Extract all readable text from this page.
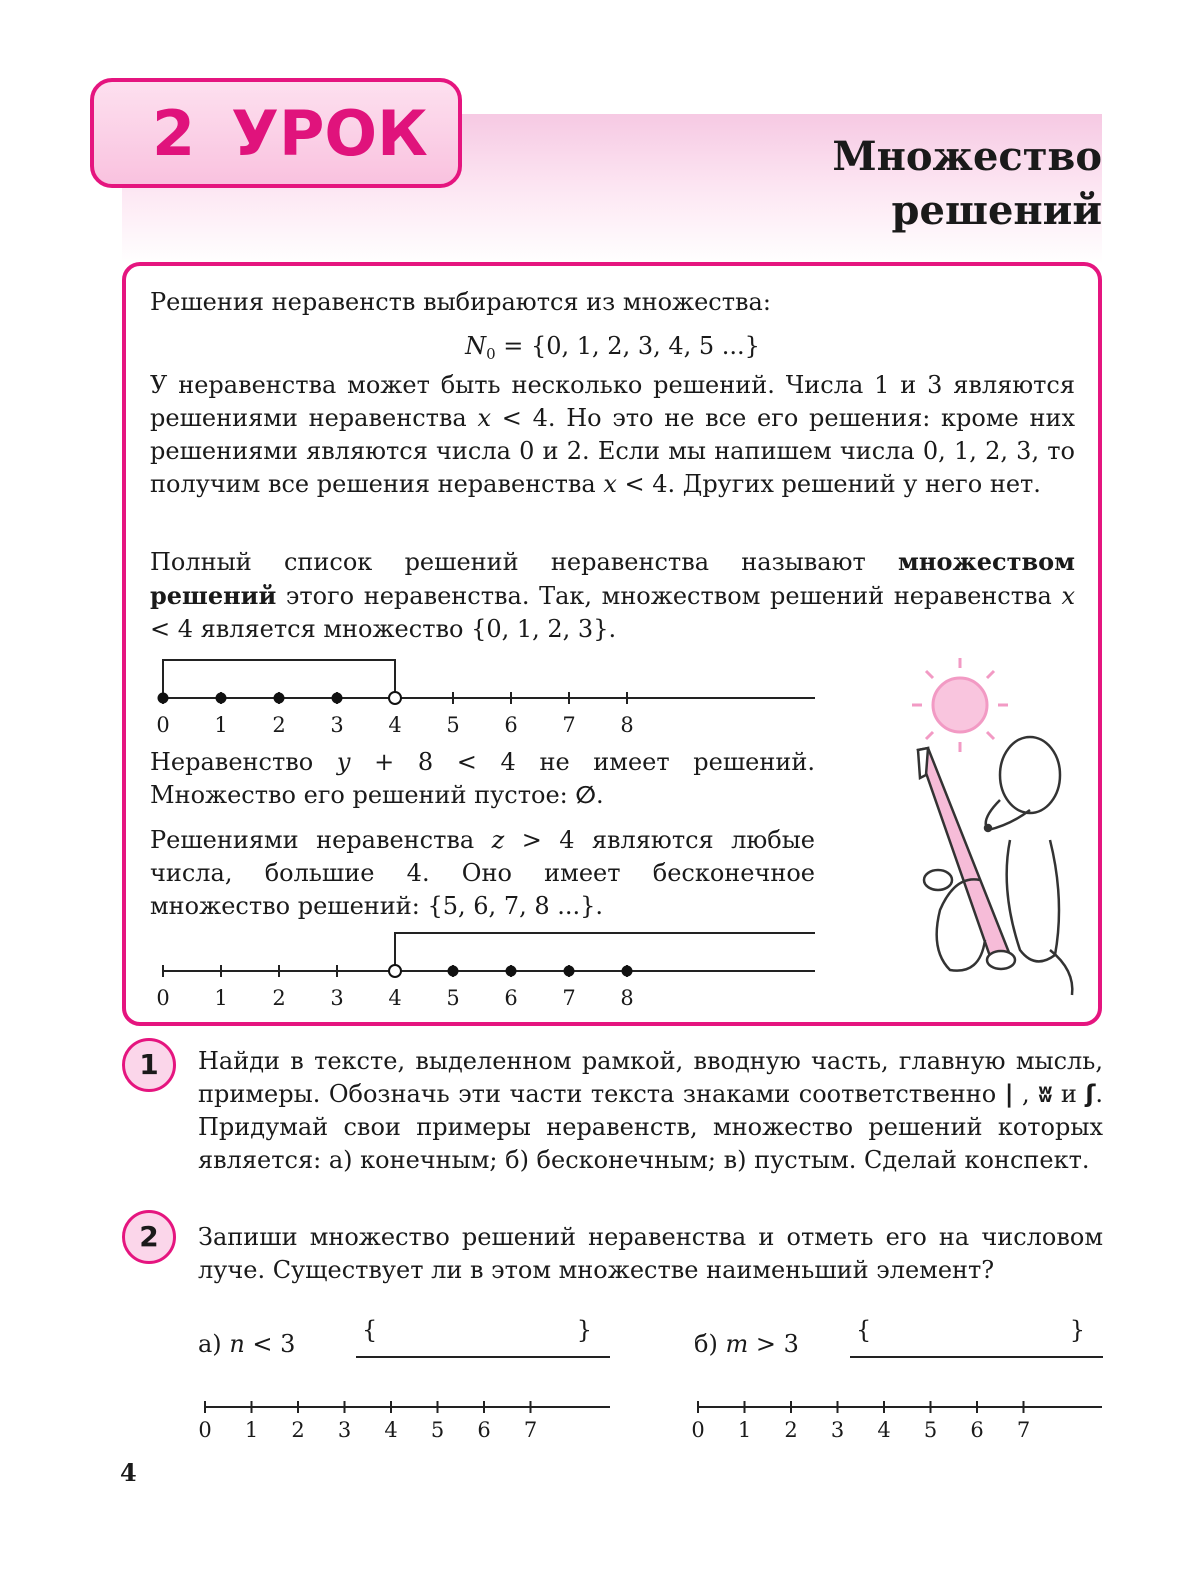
2 УРОК	Множество
решений

Решения неравенств выбираются из множества:

$N_0 = \{0$, 1, 2, 3, 4, 5 ...}

У неравенства может быть несколько решений. Числа 1 и 3 являются решениями неравенства x < 4. Но это не все его решения: кроме них решениями являются числа 0 и 2. Если мы напишем числа 0, 1, 2, 3, то получим все решения неравенства x < 4. Других решений у него нет.

Полный список решений неравенства называют множеством решений этого неравенства. Так, множеством решений неравенства x < 4 является множество {0, 1, 2, 3}.

0 1 2 3 4 5 6 7 8

Неравенство y + 8 < 4 не имеет решений. Множество его решений пустое: ∅.

Решениями неравенства z > 4 являются любые числа, большие 4. Оно имеет бесконечное множество решений: {5, 6, 7, 8 ...}.

0 1 2 3 4 5 6 7 8
1	Найди в тексте, выделенном рамкой, вводную часть, главную мысль, примеры. Обозначь эти части текста знаками соответственно | , ʬ и ʃ. Придумай свои примеры неравенств, множество решений которых является: а) конечным; б) бесконечным; в) пустым. Сделай конспект.

2	Запиши множество решений неравенства и отметь его на числовом луче. Существует ли в этом множестве наименьший элемент?

а) n < 3	{	}	б) m > 3 {	}
0 1 2 3 4 5 6 7	0 1 2 3 4 5 6 7
4
